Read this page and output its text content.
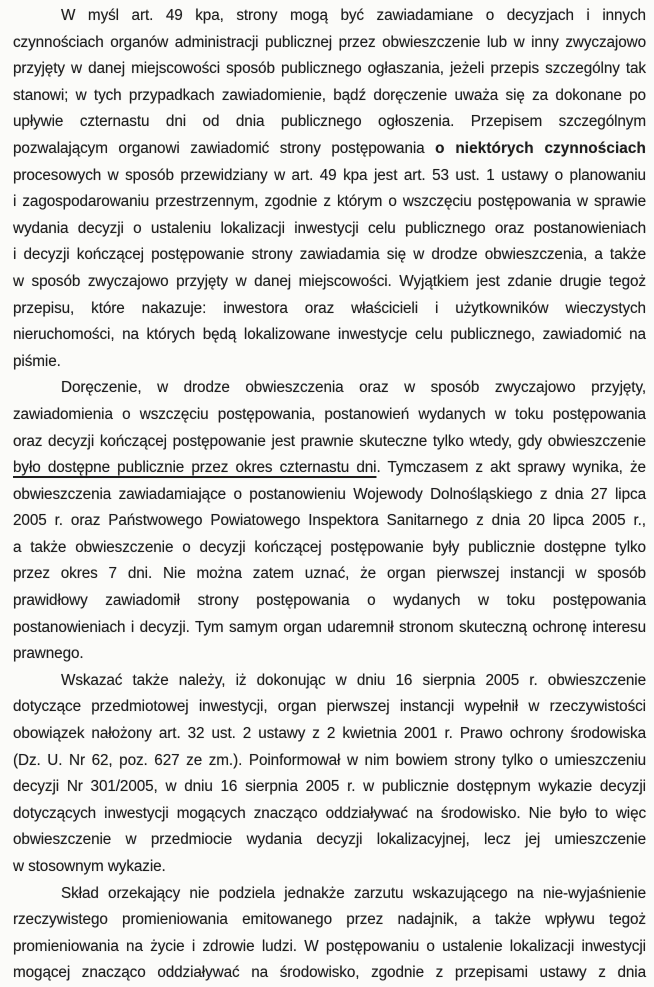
W myśl art. 49 kpa, strony mogą być zawiadamiane o decyzjach i innych
czynnościach organów administracji publicznej przez obwieszczenie lub w inny zwyczajowo
przyjęty w danej miejscowości sposób publicznego ogłaszania, jeżeli przepis szczególny tak
stanowi; w tych przypadkach zawiadomienie, bądź doręczenie uważa się za dokonane po
upływie czternastu dni od dnia publicznego ogłoszenia. Przepisem szczególnym
pozwalającym organowi zawiadomić strony postępowania o niektórych czynnościach
procesowych w sposób przewidziany w art. 49 kpa jest art. 53 ust. 1 ustawy o planowaniu
i zagospodarowaniu przestrzennym, zgodnie z którym o wszczęciu postępowania w sprawie
wydania decyzji o ustaleniu lokalizacji inwestycji celu publicznego oraz postanowieniach
i decyzji kończącej postępowanie strony zawiadamia się w drodze obwieszczenia, a także
w sposób zwyczajowo przyjęty w danej miejscowości. Wyjątkiem jest zdanie drugie tegoż
przepisu, które nakazuje: inwestora oraz właścicieli i użytkowników wieczystych
nieruchomości, na których będą lokalizowane inwestycje celu publicznego, zawiadomić na
piśmie.
Doręczenie, w drodze obwieszczenia oraz w sposób zwyczajowo przyjęty,
zawiadomienia o wszczęciu postępowania, postanowień wydanych w toku postępowania
oraz decyzji kończącej postępowanie jest prawnie skuteczne tylko wtedy, gdy obwieszczenie
było dostępne publicznie przez okres czternastu dni. Tymczasem z akt sprawy wynika, że
obwieszczenia zawiadamiające o postanowieniu Wojewody Dolnośląskiego z dnia 27 lipca
2005 r. oraz Państwowego Powiatowego Inspektora Sanitarnego z dnia 20 lipca 2005 r.,
a także obwieszczenie o decyzji kończącej postępowanie były publicznie dostępne tylko
przez okres 7 dni. Nie można zatem uznać, że organ pierwszej instancji w sposób
prawidłowy zawiadomił strony postępowania o wydanych w toku postępowania
postanowieniach i decyzji. Tym samym organ udaremnił stronom skuteczną ochronę interesu
prawnego.
Wskazać także należy, iż dokonując w dniu 16 sierpnia 2005 r. obwieszczenie
dotyczące przedmiotowej inwestycji, organ pierwszej instancji wypełnił w rzeczywistości
obowiązek nałożony art. 32 ust. 2 ustawy z 2 kwietnia 2001 r. Prawo ochrony środowiska
(Dz. U. Nr 62, poz. 627 ze zm.). Poinformował w nim bowiem strony tylko o umieszczeniu
decyzji Nr 301/2005, w dniu 16 sierpnia 2005 r. w publicznie dostępnym wykazie decyzji
dotyczących inwestycji mogących znacząco oddziaływać na środowisko. Nie było to więc
obwieszczenie w przedmiocie wydania decyzji lokalizacyjnej, lecz jej umieszczenie
w stosownym wykazie.
Skład orzekający nie podziela jednakże zarzutu wskazującego na nie-wyjaśnienie
rzeczywistego promieniowania emitowanego przez nadajnik, a także wpływu tegoż
promieniowania na życie i zdrowie ludzi. W postępowaniu o ustalenie lokalizacji inwestycji
mogącej znacząco oddziaływać na środowisko, zgodnie z przepisami ustawy z dnia
